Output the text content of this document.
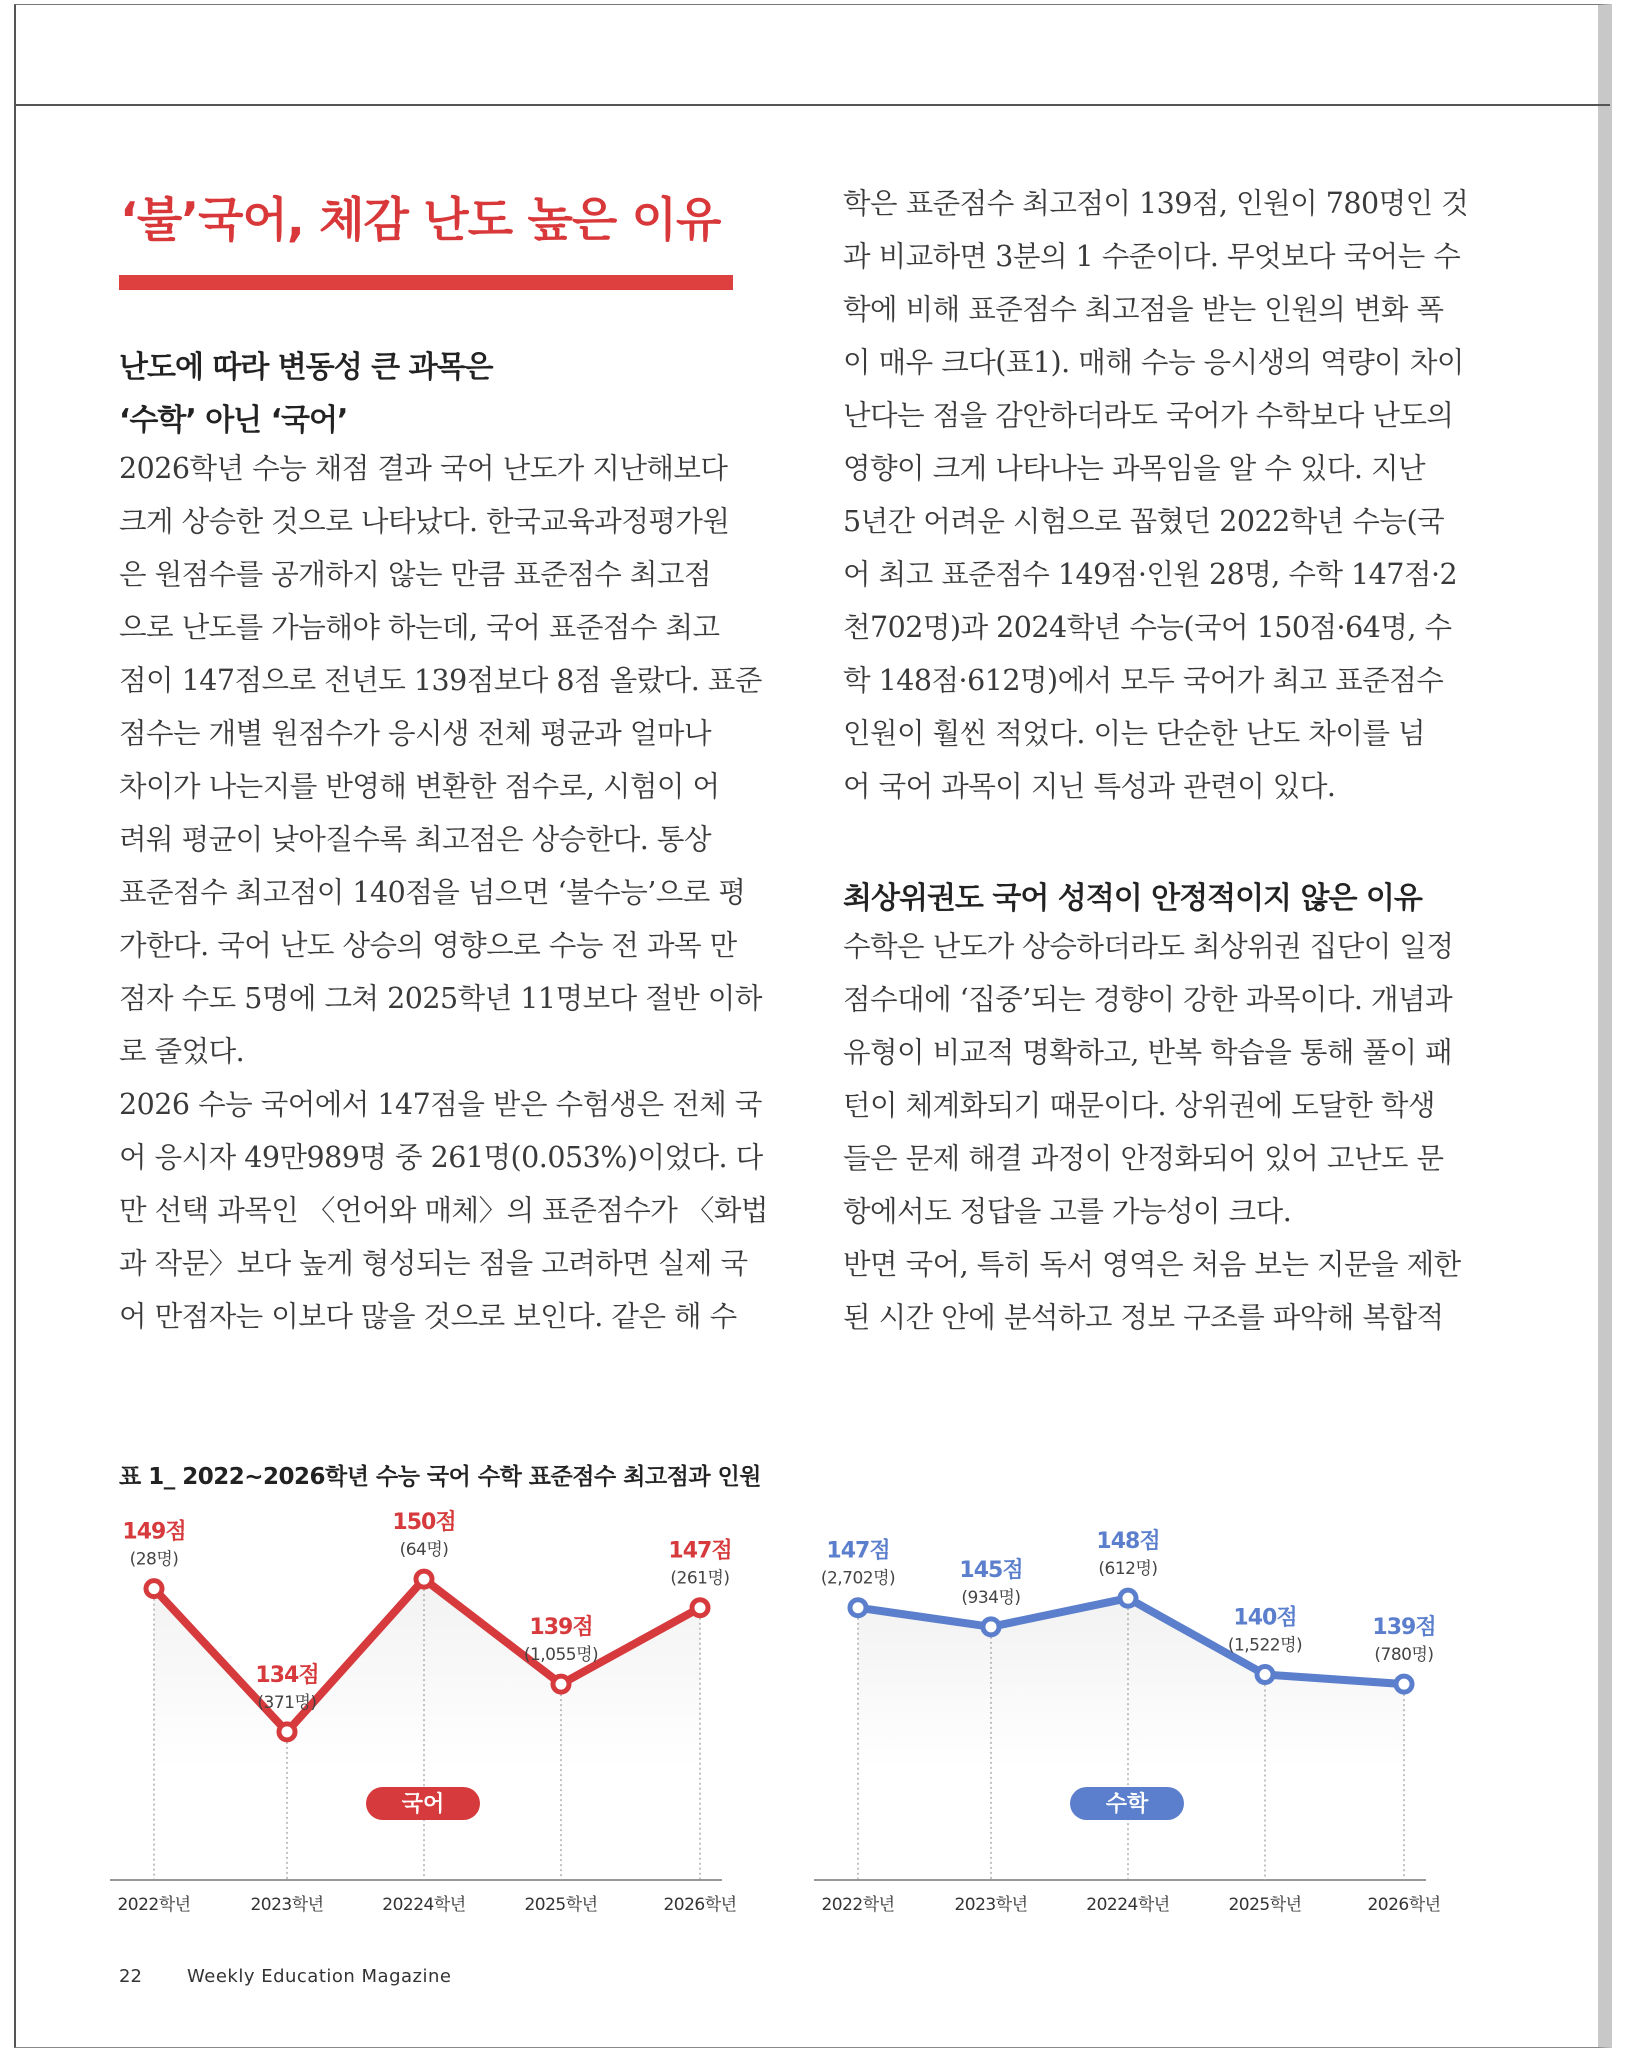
‘불’국어, 체감 난도 높은 이유
난도에 따라 변동성 큰 과목은
‘수학’ 아닌 ‘국어’
2026학년 수능 채점 결과 국어 난도가 지난해보다
크게 상승한 것으로 나타났다. 한국교육과정평가원
은 원점수를 공개하지 않는 만큼 표준점수 최고점
으로 난도를 가늠해야 하는데, 국어 표준점수 최고
점이 147점으로 전년도 139점보다 8점 올랐다. 표준
점수는 개별 원점수가 응시생 전체 평균과 얼마나
차이가 나는지를 반영해 변환한 점수로, 시험이 어
려워 평균이 낮아질수록 최고점은 상승한다. 통상
표준점수 최고점이 140점을 넘으면 ‘불수능’으로 평
가한다. 국어 난도 상승의 영향으로 수능 전 과목 만
점자 수도 5명에 그쳐 2025학년 11명보다 절반 이하
로 줄었다.
2026 수능 국어에서 147점을 받은 수험생은 전체 국
어 응시자 49만989명 중 261명(0.053%)이었다. 다
만 선택 과목인 〈언어와 매체〉의 표준점수가 〈화법
과 작문〉보다 높게 형성되는 점을 고려하면 실제 국
어 만점자는 이보다 많을 것으로 보인다. 같은 해 수
학은 표준점수 최고점이 139점, 인원이 780명인 것
과 비교하면 3분의 1 수준이다. 무엇보다 국어는 수
학에 비해 표준점수 최고점을 받는 인원의 변화 폭
이 매우 크다(표1). 매해 수능 응시생의 역량이 차이
난다는 점을 감안하더라도 국어가 수학보다 난도의
영향이 크게 나타나는 과목임을 알 수 있다. 지난
5년간 어려운 시험으로 꼽혔던 2022학년 수능(국
어 최고 표준점수 149점·인원 28명, 수학 147점·2
천702명)과 2024학년 수능(국어 150점·64명, 수
학 148점·612명)에서 모두 국어가 최고 표준점수
인원이 훨씬 적었다. 이는 단순한 난도 차이를 넘
어 국어 과목이 지닌 특성과 관련이 있다.
최상위권도 국어 성적이 안정적이지 않은 이유
수학은 난도가 상승하더라도 최상위권 집단이 일정
점수대에 ‘집중’되는 경향이 강한 과목이다. 개념과
유형이 비교적 명확하고, 반복 학습을 통해 풀이 패
턴이 체계화되기 때문이다. 상위권에 도달한 학생
들은 문제 해결 과정이 안정화되어 있어 고난도 문
항에서도 정답을 고를 가능성이 크다.
반면 국어, 특히 독서 영역은 처음 보는 지문을 제한
된 시간 안에 분석하고 정보 구조를 파악해 복합적
표 1_ 2022~2026학년 수능 국어 수학 표준점수 최고점과 인원
149점
(28명)
2022학년
134점
(371명)
2023학년
150점
(64명)
20224학년
139점
(1,055명)
2025학년
147점
(261명)
2026학년
국어
147점
(2,702명)
2022학년
145점
(934명)
2023학년
148점
(612명)
20224학년
140점
(1,522명)
2025학년
139점
(780명)
2026학년
수학
22	Weekly Education Magazine
